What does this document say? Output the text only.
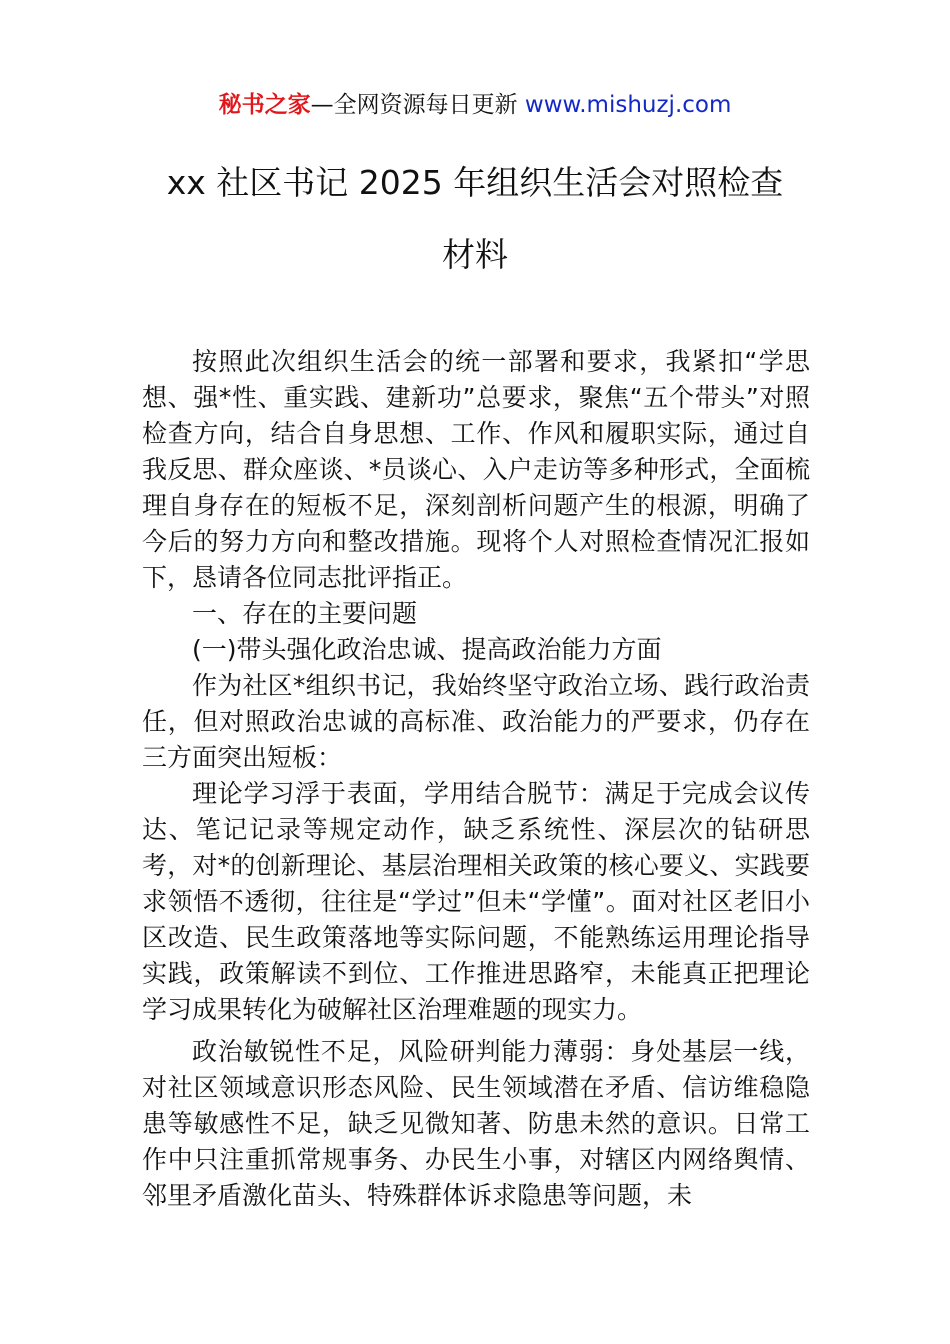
秘书之家—全网资源每日更新 www.mishuzj.com
xx 社区书记 2025 年组织生活会对照检查
材料

按照此次组织生活会的统一部署和要求，我紧扣“学思想、强*性、重实践、建新功”总要求，聚焦“五个带头”对照检查方向，结合自身思想、工作、作风和履职实际，通过自我反思、群众座谈、*员谈心、入户走访等多种形式，全面梳理自身存在的短板不足，深刻剖析问题产生的根源，明确了今后的努力方向和整改措施。现将个人对照检查情况汇报如下，恳请各位同志批评指正。

一、存在的主要问题

(一)带头强化政治忠诚、提高政治能力方面

作为社区*组织书记，我始终坚守政治立场、践行政治责任，但对照政治忠诚的高标准、政治能力的严要求，仍存在三方面突出短板：

理论学习浮于表面，学用结合脱节：满足于完成会议传达、笔记记录等规定动作，缺乏系统性、深层次的钻研思考，对*的创新理论、基层治理相关政策的核心要义、实践要求领悟不透彻，往往是“学过”但未“学懂”。面对社区老旧小区改造、民生政策落地等实际问题，不能熟练运用理论指导实践，政策解读不到位、工作推进思路窄，未能真正把理论学习成果转化为破解社区治理难题的现实力。

政治敏锐性不足，风险研判能力薄弱：身处基层一线，对社区领域意识形态风险、民生领域潜在矛盾、信访维稳隐患等敏感性不足，缺乏见微知著、防患未然的意识。日常工作中只注重抓常规事务、办民生小事，对辖区内网络舆情、邻里矛盾激化苗头、特殊群体诉求隐患等问题，未
